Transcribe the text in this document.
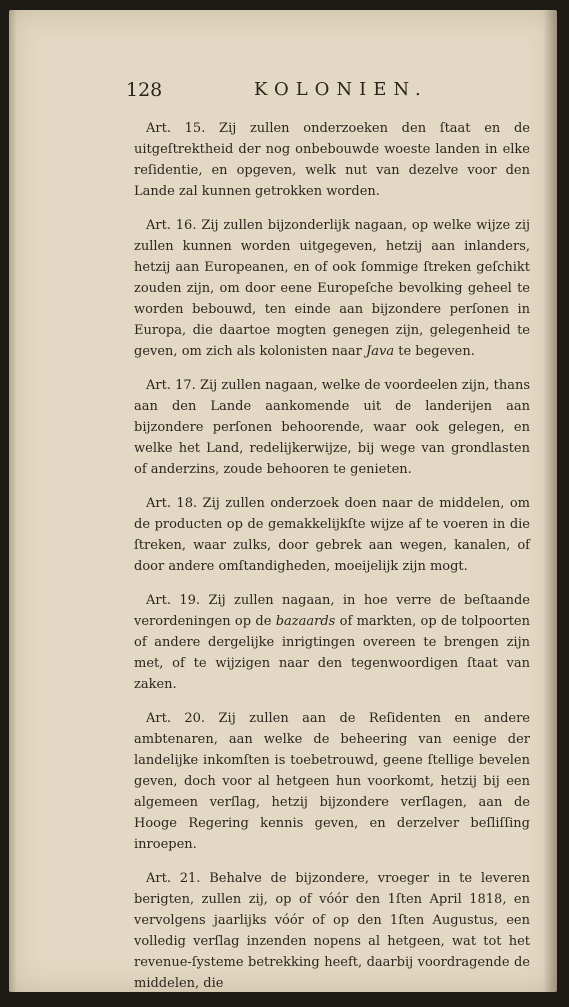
128	KOLONIEN.

Art. 15. Zij zullen onderzoeken den ſtaat en de uitgeſtrektheid der nog onbebouwde woeste landen in elke reſidentie, en opgeven, welk nut van dezelve voor den Lande zal kunnen getrokken worden.

Art. 16. Zij zullen bijzonderlijk nagaan, op welke wijze zij zullen kunnen worden uitgegeven, hetzij aan inlanders, hetzij aan Europeanen, en of ook ſommige ſtreken geſchikt zouden zijn, om door eene Europeſche bevolking geheel te worden bebouwd, ten einde aan bijzondere perſonen in Europa, die daartoe mogten genegen zijn, gelegenheid te geven, om zich als kolonisten naar Java te begeven.

Art. 17. Zij zullen nagaan, welke de voordeelen zijn, thans aan den Lande aankomende uit de landerijen aan bijzondere perſonen behoorende, waar ook gelegen, en welke het Land, redelijkerwijze, bij wege van grondlasten of anderzins, zoude behooren te genieten.

Art. 18. Zij zullen onderzoek doen naar de middelen, om de producten op de gemakkelijkſte wijze af te voeren in die ſtreken, waar zulks, door gebrek aan wegen, kanalen, of door andere omſtandigheden, moeijelijk zijn mogt.

Art. 19. Zij zullen nagaan, in hoe verre de beſtaande verordeningen op de bazaards of markten, op de tolpoorten of andere dergelijke inrigtingen overeen te brengen zijn met, of te wijzigen naar den tegenwoordigen ſtaat van zaken.

Art. 20. Zij zullen aan de Reſidenten en andere ambtenaren, aan welke de beheering van eenige der landelijke inkomſten is toebetrouwd, geene ſtellige bevelen geven, doch voor al hetgeen hun voorkomt, hetzij bij een algemeen verſlag, hetzij bijzondere verſlagen, aan de Hooge Regering kennis geven, en derzelver beſliſſing inroepen.

Art. 21. Behalve de bijzondere, vroeger in te leveren berigten, zullen zij, op of vóór den 1ſten April 1818, en vervolgens jaarlijks vóór of op den 1ſten Augustus, een volledig verſlag inzenden nopens al hetgeen, wat tot het revenue-ſysteme betrekking heeft, daarbij voordragende de middelen, die
